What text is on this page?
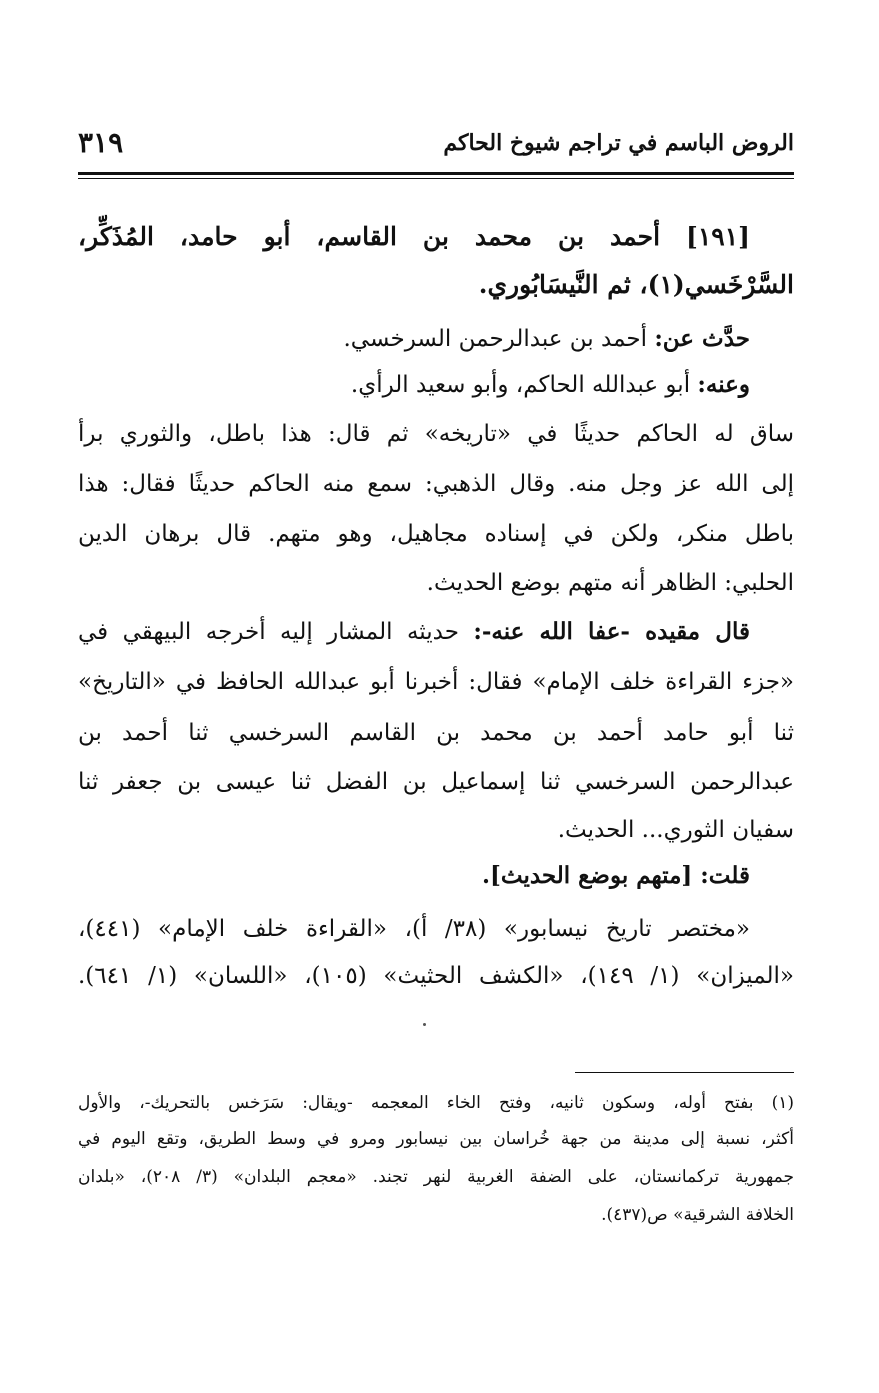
الروض الباسم في تراجم شيوخ الحاكم
٣١٩
[١٩١] أحمد بن محمد بن القاسم، أبو حامد، المُذَكِّر،
السَّرْخَسي(١)، ثم النَّيسَابُوري.
حدَّث عن: أحمد بن عبدالرحمن السرخسي.
وعنه: أبو عبدالله الحاكم، وأبو سعيد الرأي.
ساق له الحاكم حديثًا في «تاريخه» ثم قال: هذا باطل، والثوري برأ
إلى الله عز وجل منه. وقال الذهبي: سمع منه الحاكم حديثًا فقال: هذا
باطل منكر، ولكن في إسناده مجاهيل، وهو متهم. قال برهان الدين
الحلبي: الظاهر أنه متهم بوضع الحديث.
قال مقيده -عفا الله عنه-: حديثه المشار إليه أخرجه البيهقي في
«جزء القراءة خلف الإمام» فقال: أخبرنا أبو عبدالله الحافظ في «التاريخ»
ثنا أبو حامد أحمد بن محمد بن القاسم السرخسي ثنا أحمد بن
عبدالرحمن السرخسي ثنا إسماعيل بن الفضل ثنا عيسى بن جعفر ثنا
سفيان الثوري... الحديث.
قلت: [متهم بوضع الحديث].
«مختصر تاريخ نيسابور» (٣٨/ أ)، «القراءة خلف الإمام» (٤٤١)،
«الميزان» (١/ ١٤٩)، «الكشف الحثيث» (١٠٥)، «اللسان» (١/ ٦٤١).
(١) بفتح أوله، وسكون ثانيه، وفتح الخاء المعجمه -ويقال: سَرَخس بالتحريك-، والأول
أكثر، نسبة إلى مدينة من جهة خُراسان بين نيسابور ومرو في وسط الطريق، وتقع اليوم في
جمهورية تركمانستان، على الضفة الغربية لنهر تجند. «معجم البلدان» (٣/ ٢٠٨)، «بلدان
الخلافة الشرقية» ص(٤٣٧).
